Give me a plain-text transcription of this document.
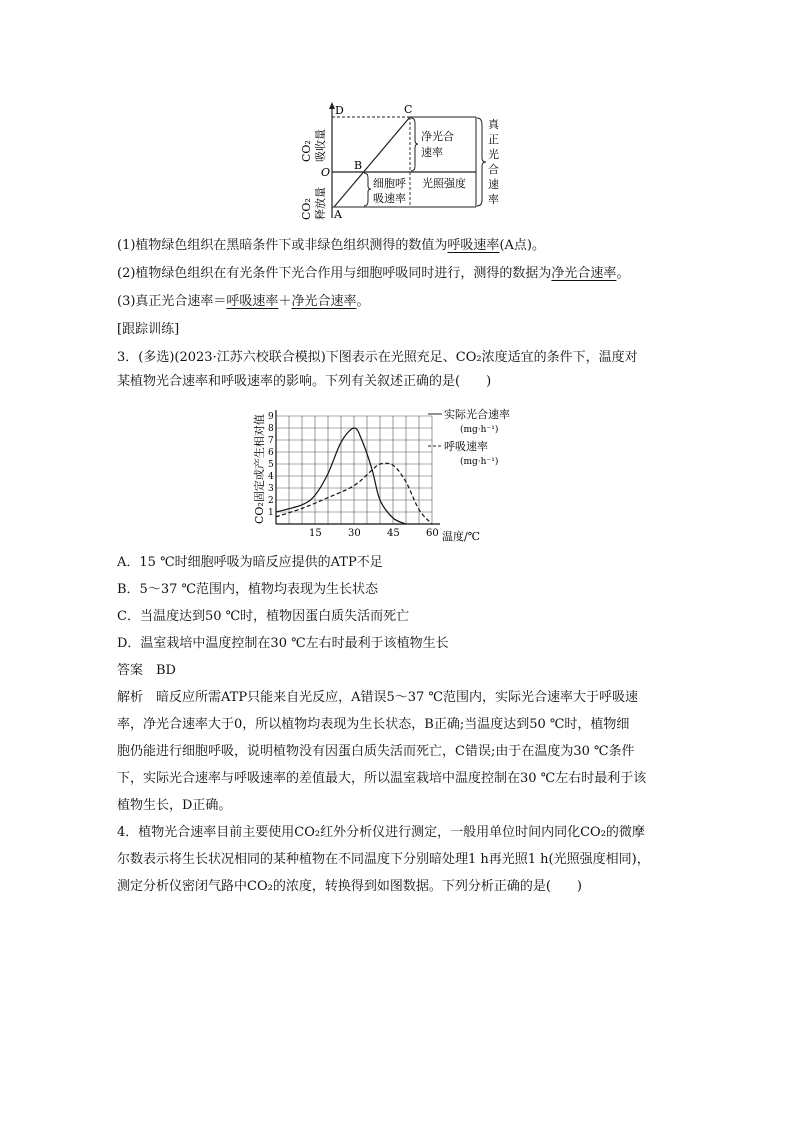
D	C
B
O
A
CO₂ 吸收量
CO₂ 释放量
净光合
速率
细胞呼
吸速率
光照强度
真
正
光
合
速
率
(1)植物绿色组织在黑暗条件下或非绿色组织测得的数值为呼吸速率(A点)。
(2)植物绿色组织在有光条件下光合作用与细胞呼吸同时进行，测得的数据为净光合速率。
(3)真正光合速率＝呼吸速率＋净光合速率。
[跟踪训练]
3．(多选)(2023·江苏六校联合模拟)下图表示在光照充足、CO₂浓度适宜的条件下，温度对
某植物光合速率和呼吸速率的影响。下列有关叙述正确的是(　　)
15	30	45	60
1
2
3
4
5
6
7
8
9
CO₂固定或产生相对值
温度/℃
实际光合速率
(mg·h⁻¹)
呼吸速率
(mg·h⁻¹)
A．15 ℃时细胞呼吸为暗反应提供的ATP不足
B．5～37 ℃范围内，植物均表现为生长状态
C．当温度达到50 ℃时，植物因蛋白质失活而死亡
D．温室栽培中温度控制在30 ℃左右时最利于该植物生长
答案　BD
解析　暗反应所需ATP只能来自光反应，A错误5～37 ℃范围内，实际光合速率大于呼吸速
率，净光合速率大于0，所以植物均表现为生长状态，B正确;当温度达到50 ℃时，植物细
胞仍能进行细胞呼吸，说明植物没有因蛋白质失活而死亡，C错误;由于在温度为30 ℃条件
下，实际光合速率与呼吸速率的差值最大，所以温室栽培中温度控制在30 ℃左右时最利于该
植物生长，D正确。
4．植物光合速率目前主要使用CO₂红外分析仪进行测定，一般用单位时间内同化CO₂的微摩
尔数表示将生长状况相同的某种植物在不同温度下分别暗处理1 h再光照1 h(光照强度相同)，
测定分析仪密闭气路中CO₂的浓度，转换得到如图数据。下列分析正确的是(　　)
